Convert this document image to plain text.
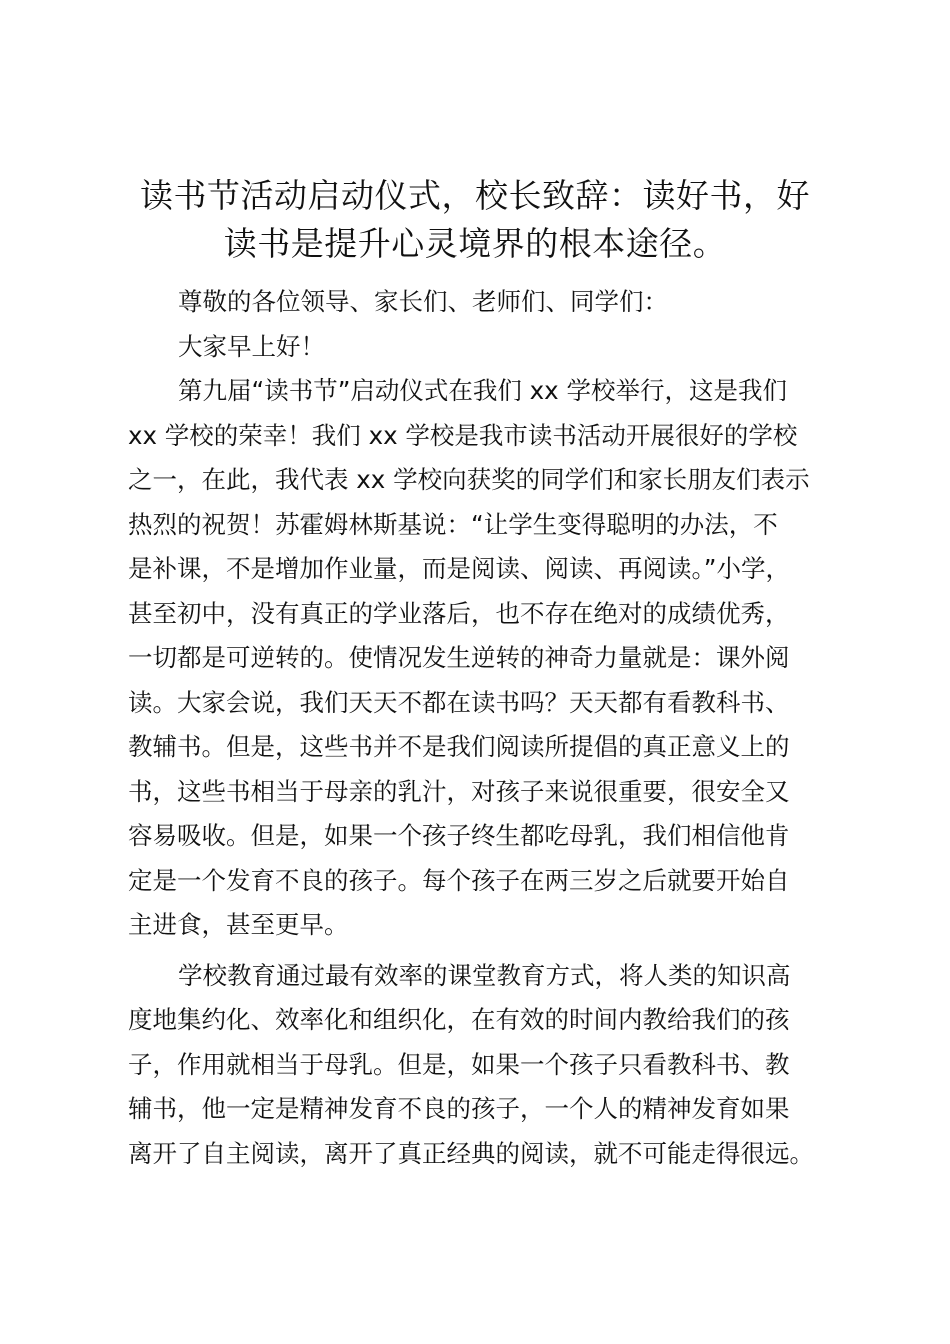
读书节活动启动仪式，校长致辞：读好书，好
读书是提升心灵境界的根本途径。
尊敬的各位领导、家长们、老师们、同学们：
大家早上好！
第九届“读书节”启动仪式在我们 xx 学校举行，这是我们
xx 学校的荣幸！我们 xx 学校是我市读书活动开展很好的学校
之一，在此，我代表 xx 学校向获奖的同学们和家长朋友们表示
热烈的祝贺！苏霍姆林斯基说：“让学生变得聪明的办法，不
是补课，不是增加作业量，而是阅读、阅读、再阅读。”小学，
甚至初中，没有真正的学业落后，也不存在绝对的成绩优秀，
一切都是可逆转的。使情况发生逆转的神奇力量就是：课外阅
读。大家会说，我们天天不都在读书吗？天天都有看教科书、
教辅书。但是，这些书并不是我们阅读所提倡的真正意义上的
书，这些书相当于母亲的乳汁，对孩子来说很重要，很安全又
容易吸收。但是，如果一个孩子终生都吃母乳，我们相信他肯
定是一个发育不良的孩子。每个孩子在两三岁之后就要开始自
主进食，甚至更早。
学校教育通过最有效率的课堂教育方式，将人类的知识高
度地集约化、效率化和组织化，在有效的时间内教给我们的孩
子，作用就相当于母乳。但是，如果一个孩子只看教科书、教
辅书，他一定是精神发育不良的孩子，一个人的精神发育如果
离开了自主阅读，离开了真正经典的阅读，就不可能走得很远。
